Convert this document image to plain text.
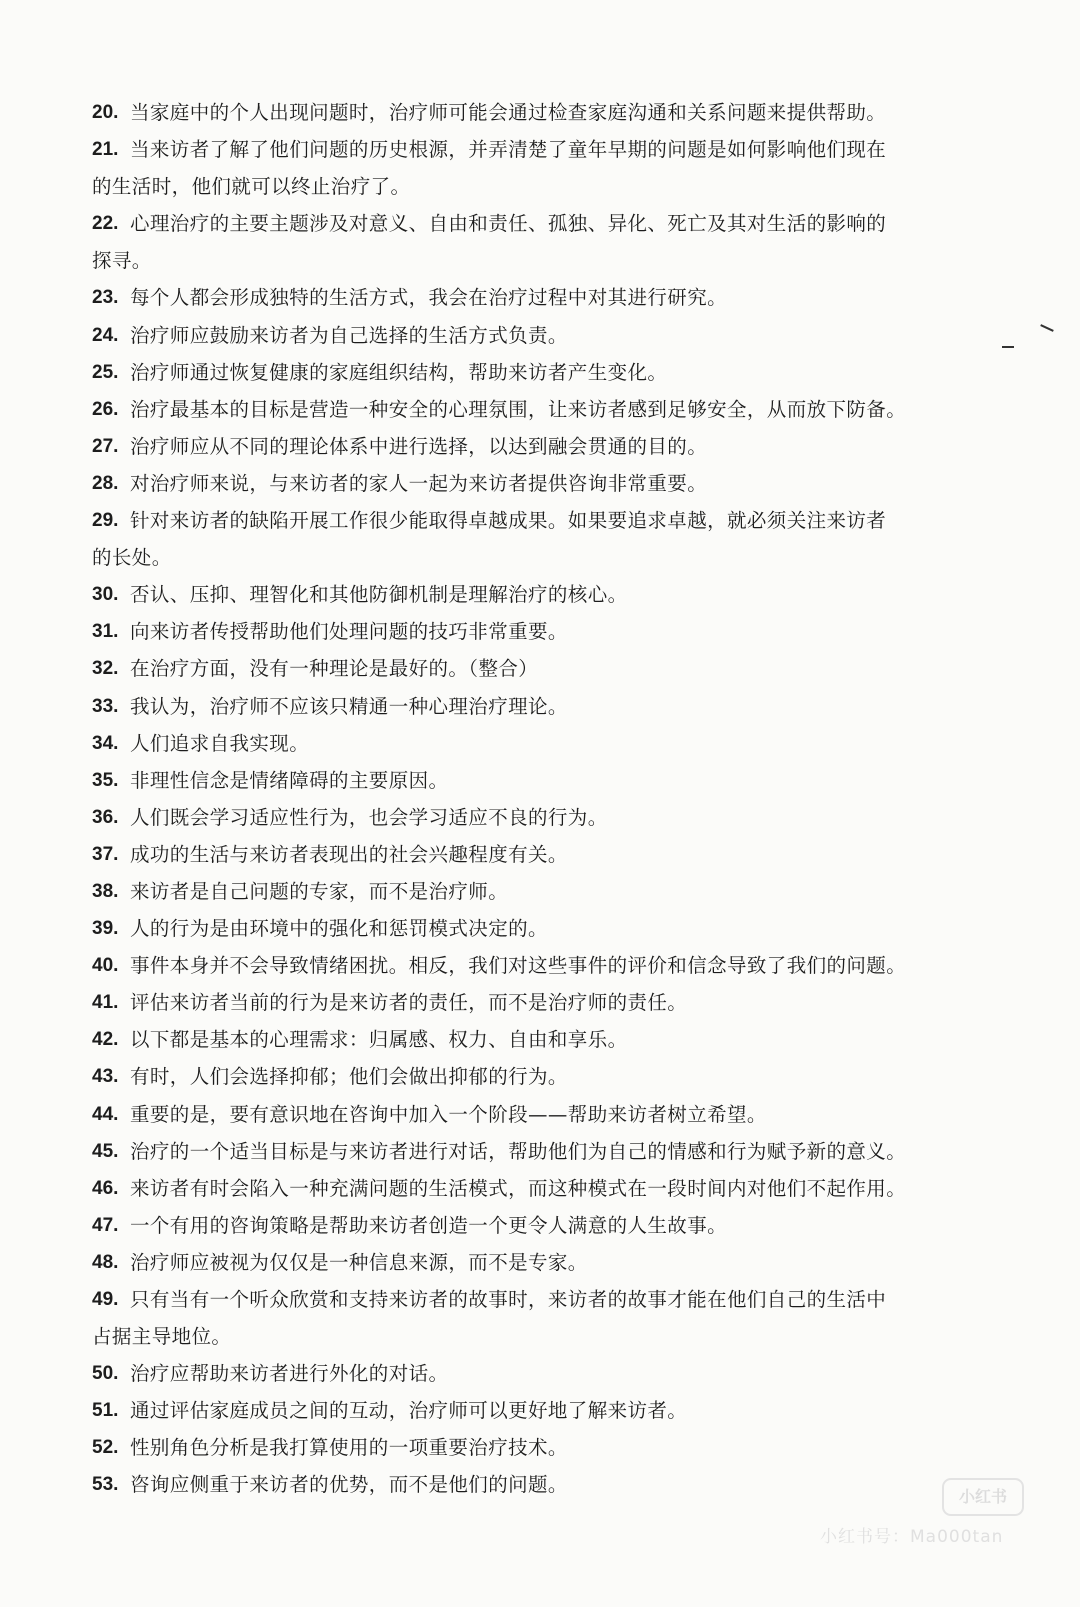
20. 当家庭中的个人出现问题时，治疗师可能会通过检查家庭沟通和关系问题来提供帮助。
21. 当来访者了解了他们问题的历史根源，并弄清楚了童年早期的问题是如何影响他们现在
的生活时，他们就可以终止治疗了。
22. 心理治疗的主要主题涉及对意义、自由和责任、孤独、异化、死亡及其对生活的影响的
探寻。
23. 每个人都会形成独特的生活方式，我会在治疗过程中对其进行研究。
24. 治疗师应鼓励来访者为自己选择的生活方式负责。
25. 治疗师通过恢复健康的家庭组织结构，帮助来访者产生变化。
26. 治疗最基本的目标是营造一种安全的心理氛围，让来访者感到足够安全，从而放下防备。
27. 治疗师应从不同的理论体系中进行选择，以达到融会贯通的目的。
28. 对治疗师来说，与来访者的家人一起为来访者提供咨询非常重要。
29. 针对来访者的缺陷开展工作很少能取得卓越成果。如果要追求卓越，就必须关注来访者
的长处。
30. 否认、压抑、理智化和其他防御机制是理解治疗的核心。
31. 向来访者传授帮助他们处理问题的技巧非常重要。
32. 在治疗方面，没有一种理论是最好的。（整合）
33. 我认为，治疗师不应该只精通一种心理治疗理论。
34. 人们追求自我实现。
35. 非理性信念是情绪障碍的主要原因。
36. 人们既会学习适应性行为，也会学习适应不良的行为。
37. 成功的生活与来访者表现出的社会兴趣程度有关。
38. 来访者是自己问题的专家，而不是治疗师。
39. 人的行为是由环境中的强化和惩罚模式决定的。
40. 事件本身并不会导致情绪困扰。相反，我们对这些事件的评价和信念导致了我们的问题。
41. 评估来访者当前的行为是来访者的责任，而不是治疗师的责任。
42. 以下都是基本的心理需求：归属感、权力、自由和享乐。
43. 有时，人们会选择抑郁；他们会做出抑郁的行为。
44. 重要的是，要有意识地在咨询中加入一个阶段——帮助来访者树立希望。
45. 治疗的一个适当目标是与来访者进行对话，帮助他们为自己的情感和行为赋予新的意义。
46. 来访者有时会陷入一种充满问题的生活模式，而这种模式在一段时间内对他们不起作用。
47. 一个有用的咨询策略是帮助来访者创造一个更令人满意的人生故事。
48. 治疗师应被视为仅仅是一种信息来源，而不是专家。
49. 只有当有一个听众欣赏和支持来访者的故事时，来访者的故事才能在他们自己的生活中
占据主导地位。
50. 治疗应帮助来访者进行外化的对话。
51. 通过评估家庭成员之间的互动，治疗师可以更好地了解来访者。
52. 性别角色分析是我打算使用的一项重要治疗技术。
53. 咨询应侧重于来访者的优势，而不是他们的问题。
小红书
小红书号：Ma000tan
